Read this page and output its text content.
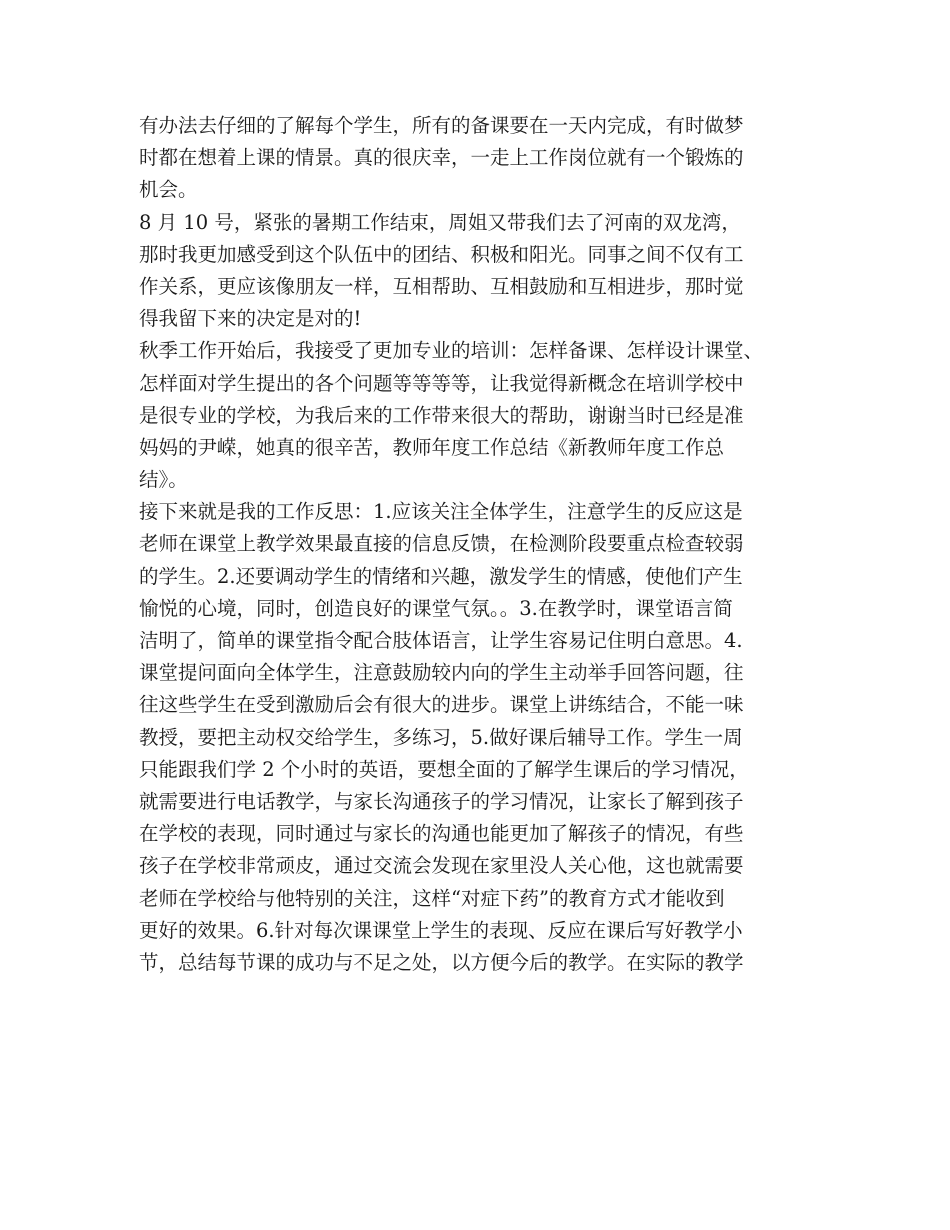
有办法去仔细的了解每个学生，所有的备课要在一天内完成，有时做梦
时都在想着上课的情景。真的很庆幸，一走上工作岗位就有一个锻炼的
机会。
8 月 10 号，紧张的暑期工作结束，周姐又带我们去了河南的双龙湾，
那时我更加感受到这个队伍中的团结、积极和阳光。同事之间不仅有工
作关系，更应该像朋友一样，互相帮助、互相鼓励和互相进步，那时觉
得我留下来的决定是对的!
秋季工作开始后，我接受了更加专业的培训：怎样备课、怎样设计课堂、
怎样面对学生提出的各个问题等等等等，让我觉得新概念在培训学校中
是很专业的学校，为我后来的工作带来很大的帮助，谢谢当时已经是准
妈妈的尹嵘，她真的很辛苦，教师年度工作总结《新教师年度工作总
结》。
接下来就是我的工作反思：1.应该关注全体学生，注意学生的反应这是
老师在课堂上教学效果最直接的信息反馈，在检测阶段要重点检查较弱
的学生。2.还要调动学生的情绪和兴趣，激发学生的情感，使他们产生
愉悦的心境，同时，创造良好的课堂气氛。。3.在教学时，课堂语言简
洁明了，简单的课堂指令配合肢体语言，让学生容易记住明白意思。4.
课堂提问面向全体学生，注意鼓励较内向的学生主动举手回答问题，往
往这些学生在受到激励后会有很大的进步。课堂上讲练结合，不能一味
教授，要把主动权交给学生，多练习，5.做好课后辅导工作。学生一周
只能跟我们学 2 个小时的英语，要想全面的了解学生课后的学习情况，
就需要进行电话教学，与家长沟通孩子的学习情况，让家长了解到孩子
在学校的表现，同时通过与家长的沟通也能更加了解孩子的情况，有些
孩子在学校非常顽皮，通过交流会发现在家里没人关心他，这也就需要
老师在学校给与他特别的关注，这样“对症下药”的教育方式才能收到
更好的效果。6.针对每次课课堂上学生的表现、反应在课后写好教学小
节，总结每节课的成功与不足之处，以方便今后的教学。在实际的教学
